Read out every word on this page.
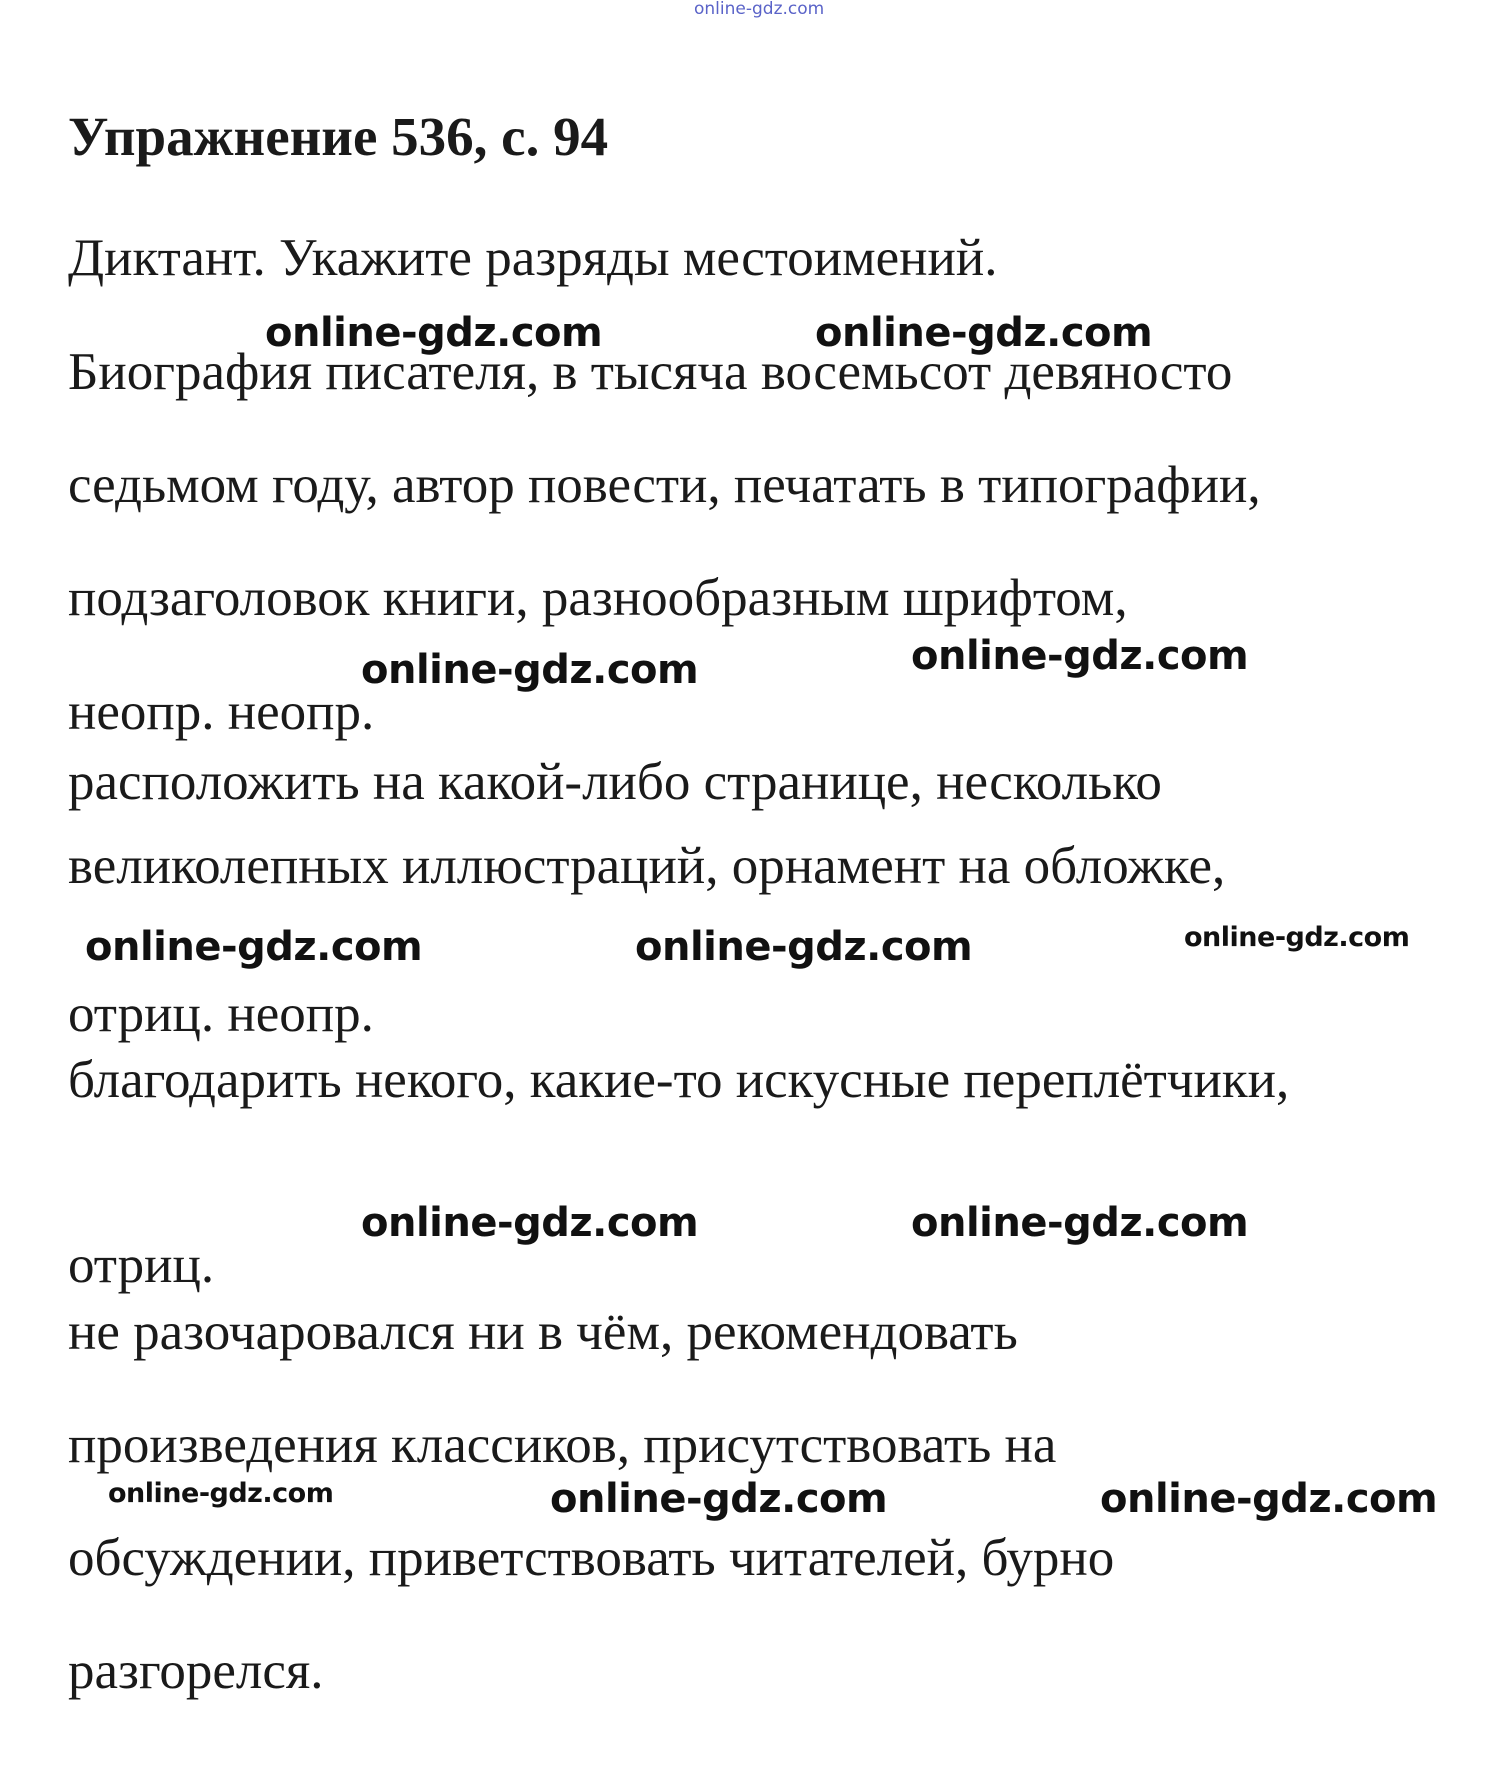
online-gdz.com
Упражнение 536, с. 94

Диктант. Укажите разряды местоимений.

Биография писателя, в тысяча восемьсот девяносто

седьмом году, автор повести, печатать в типографии,

подзаголовок книги, разнообразным шрифтом,

неопр. неопр.

расположить на какой-либо странице, несколько

великолепных иллюстраций, орнамент на обложке,

отриц. неопр.

благодарить некого, какие-то искусные переплётчики,

отриц.

не разочаровался ни в чём, рекомендовать

произведения классиков, присутствовать на

обсуждении, приветствовать читателей, бурно

разгорелся.

online-gdz.com	online-gdz.com
online-gdz.com	online-gdz.com
online-gdz.com	online-gdz.com	online-gdz.com
online-gdz.com	online-gdz.com
online-gdz.com	online-gdz.com	online-gdz.com
